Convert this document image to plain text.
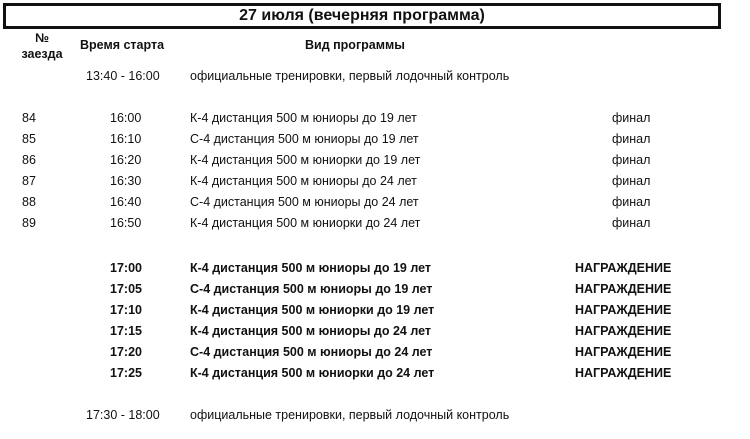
27 июля (вечерняя программа)
№
заезда
Время старта	Вид программы
13:40 - 16:00 официальные тренировки, первый лодочный контроль
84	16:00	К-4 дистанция 500 м юниоры до 19 лет	финал
85	16:10	С-4 дистанция 500 м юниоры до 19 лет	финал
86	16:20	К-4 дистанция 500 м юниорки до 19 лет	финал
87	16:30	К-4 дистанция 500 м юниоры до 24 лет	финал
88	16:40	С-4 дистанция 500 м юниоры до 24 лет	финал
89	16:50	К-4 дистанция 500 м юниорки до 24 лет	финал
17:00	К-4 дистанция 500 м юниоры до 19 лет	НАГРАЖДЕНИЕ
17:05	С-4 дистанция 500 м юниоры до 19 лет	НАГРАЖДЕНИЕ
17:10	К-4 дистанция 500 м юниорки до 19 лет	НАГРАЖДЕНИЕ
17:15	К-4 дистанция 500 м юниоры до 24 лет	НАГРАЖДЕНИЕ
17:20	С-4 дистанция 500 м юниоры до 24 лет	НАГРАЖДЕНИЕ
17:25	К-4 дистанция 500 м юниорки до 24 лет	НАГРАЖДЕНИЕ
17:30 - 18:00 официальные тренировки, первый лодочный контроль
